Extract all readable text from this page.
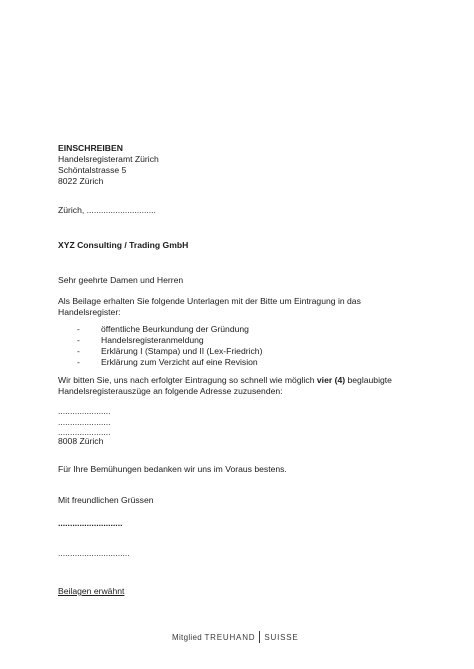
EINSCHREIBEN
Handelsregisteramt Zürich
Schöntalstrasse 5
8022 Zürich
Zürich, .............................
XYZ Consulting / Trading GmbH
Sehr geehrte Damen und Herren
Als Beilage erhalten Sie folgende Unterlagen mit der Bitte um Eintragung in das
Handelsregister:
- öffentliche Beurkundung der Gründung
- Handelsregisteranmeldung
- Erklärung I (Stampa) und II (Lex-Friedrich)
- Erklärung zum Verzicht auf eine Revision
Wir bitten Sie, uns nach erfolgter Eintragung so schnell wie möglich vier (4) beglaubigte
Handelsregisterauszüge an folgende Adresse zuzusenden:
......................
......................
......................
8008 Zürich
Für Ihre Bemühungen bedanken wir uns im Voraus bestens.
Mit freundlichen Grüssen
...........................
..............................
Beilagen erwähnt
Mitglied TREUHAND SUISSE
